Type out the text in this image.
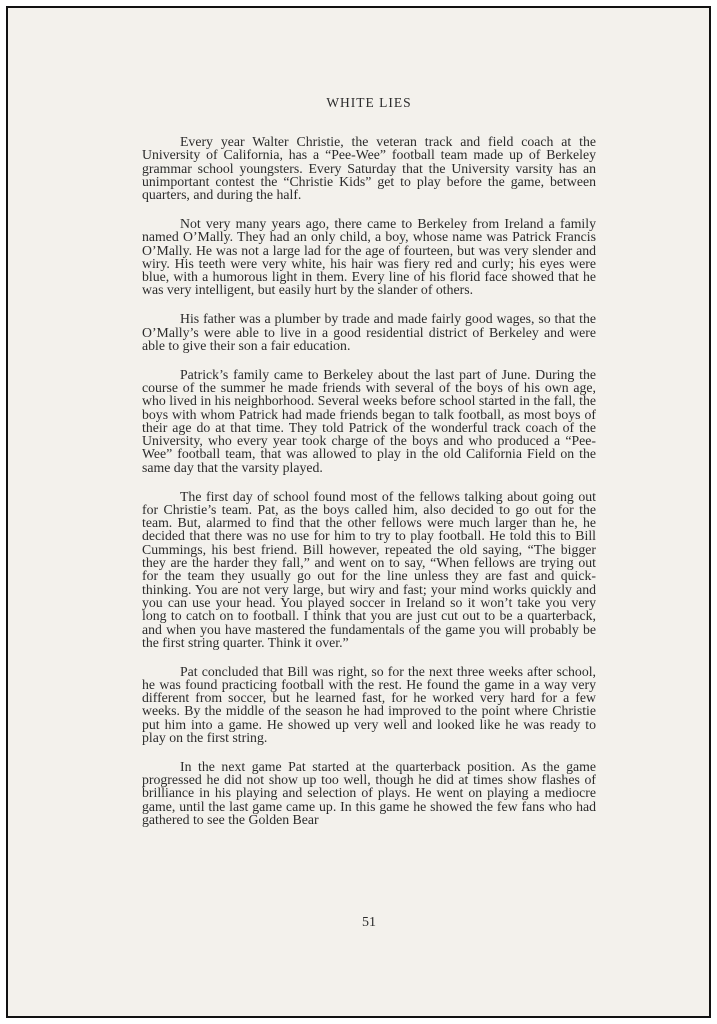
WHITE LIES

Every year Walter Christie, the veteran track and field coach at the University of California, has a “Pee-Wee” football team made up of Berkeley grammar school youngsters. Every Saturday that the University varsity has an unimportant contest the “Christie Kids” get to play before the game, between quarters, and during the half.

Not very many years ago, there came to Berkeley from Ireland a family named O’Mally. They had an only child, a boy, whose name was Patrick Francis O’Mally. He was not a large lad for the age of fourteen, but was very slender and wiry. His teeth were very white, his hair was fiery red and curly; his eyes were blue, with a humorous light in them. Every line of his florid face showed that he was very intelligent, but easily hurt by the slander of others.

His father was a plumber by trade and made fairly good wages, so that the O’Mally’s were able to live in a good residential district of Berkeley and were able to give their son a fair education.

Patrick’s family came to Berkeley about the last part of June. During the course of the summer he made friends with several of the boys of his own age, who lived in his neighborhood. Several weeks before school started in the fall, the boys with whom Patrick had made friends began to talk football, as most boys of their age do at that time. They told Patrick of the wonderful track coach of the University, who every year took charge of the boys and who produced a “Pee-Wee” football team, that was allowed to play in the old California Field on the same day that the varsity played.

The first day of school found most of the fellows talking about going out for Christie’s team. Pat, as the boys called him, also decided to go out for the team. But, alarmed to find that the other fellows were much larger than he, he decided that there was no use for him to try to play football. He told this to Bill Cummings, his best friend. Bill however, repeated the old saying, “The bigger they are the harder they fall,” and went on to say, “When fellows are trying out for the team they usually go out for the line unless they are fast and quick-thinking. You are not very large, but wiry and fast; your mind works quickly and you can use your head. You played soccer in Ireland so it won’t take you very long to catch on to football. I think that you are just cut out to be a quarterback, and when you have mastered the fundamentals of the game you will probably be the first string quarter. Think it over.”

Pat concluded that Bill was right, so for the next three weeks after school, he was found practicing football with the rest. He found the game in a way very different from soccer, but he learned fast, for he worked very hard for a few weeks. By the middle of the season he had improved to the point where Christie put him into a game. He showed up very well and looked like he was ready to play on the first string.

In the next game Pat started at the quarterback position. As the game progressed he did not show up too well, though he did at times show flashes of brilliance in his playing and selection of plays. He went on playing a mediocre game, until the last game came up. In this game he showed the few fans who had gathered to see the Golden Bear

51
